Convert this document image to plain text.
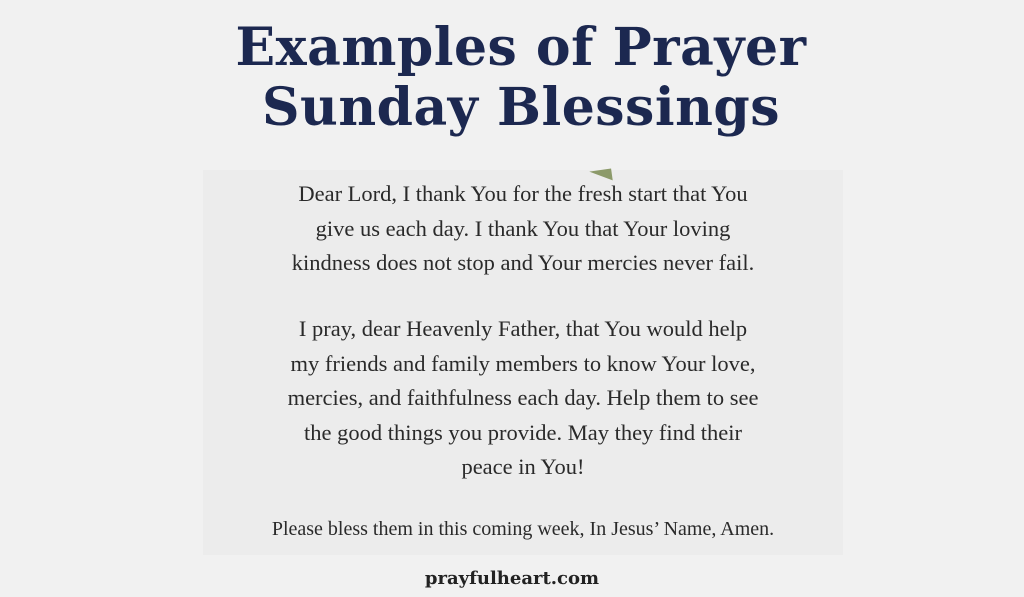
Examples of Prayer
Sunday Blessings

Dear Lord, I thank You for the fresh start that You
give us each day. I thank You that Your loving
kindness does not stop and Your mercies never fail.

I pray, dear Heavenly Father, that You would help
my friends and family members to know Your love,
mercies, and faithfulness each day. Help them to see
the good things you provide. May they find their
peace in You!

Please bless them in this coming week, In Jesus’ Name, Amen.

prayfulheart.com
